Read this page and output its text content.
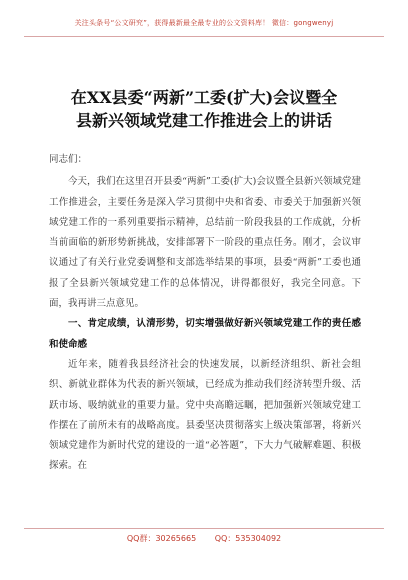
关注头条号“公文研究”，获得最新最全最专业的公文资料库！ 微信：gongwenyj
在XX县委“两新”工委(扩大)会议暨全
县新兴领域党建工作推进会上的讲话

同志们：

今天，我们在这里召开县委“两新”工委(扩大)会议暨全县新兴领域党建工作推进会，主要任务是深入学习贯彻中央和省委、市委关于加强新兴领域党建工作的一系列重要指示精神，总结前一阶段我县的工作成就，分析当前面临的新形势新挑战，安排部署下一阶段的重点任务。刚才，会议审议通过了有关行业党委调整和支部选举结果的事项，县委“两新”工委也通报了全县新兴领域党建工作的总体情况，讲得都很好，我完全同意。下面，我再讲三点意见。

一、肯定成绩，认清形势，切实增强做好新兴领域党建工作的责任感和使命感

近年来，随着我县经济社会的快速发展，以新经济组织、新社会组织、新就业群体为代表的新兴领域，已经成为推动我们经济转型升级、活跃市场、吸纳就业的重要力量。党中央高瞻远瞩，把加强新兴领域党建工作摆在了前所未有的战略高度。县委坚决贯彻落实上级决策部署，将新兴领域党建作为新时代党的建设的一道“必答题”，下大力气破解难题、积极探索。在

QQ群：30265665 QQ：535304092
